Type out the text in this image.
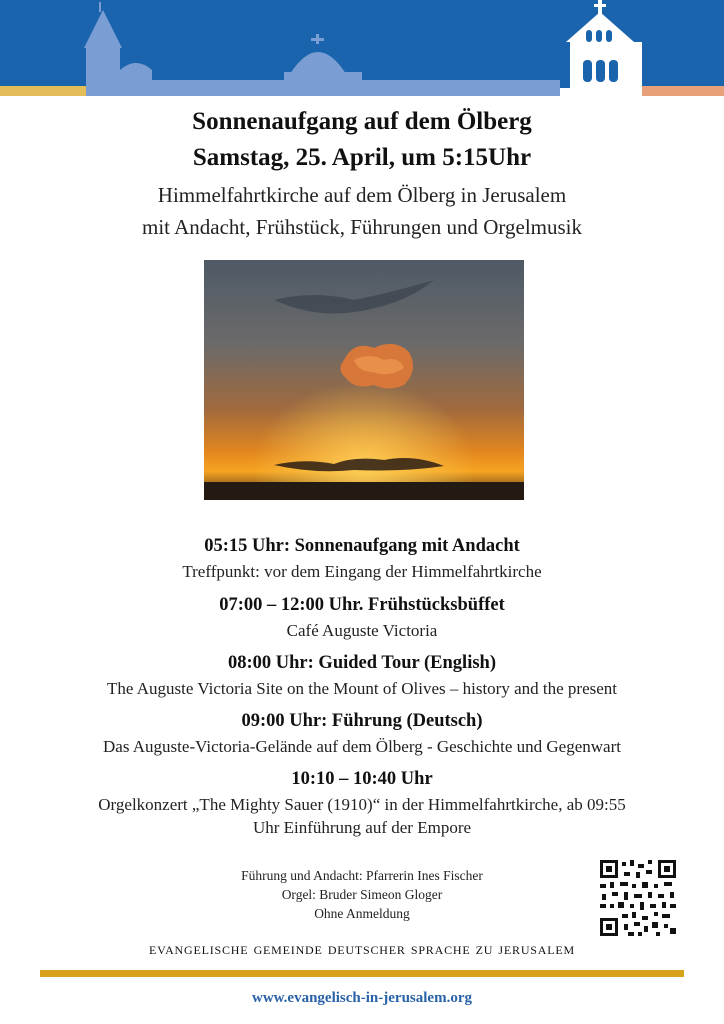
Sonnenaufgang auf dem Ölberg
Samstag, 25. April, um 5:15Uhr
Himmelfahrtkirche auf dem Ölberg in Jerusalem
mit Andacht, Frühstück, Führungen und Orgelmusik
05:15 Uhr: Sonnenaufgang mit Andacht
Treffpunkt: vor dem Eingang der Himmelfahrtkirche
07:00 – 12:00 Uhr. Frühstücksbüffet
Café Auguste Victoria
08:00 Uhr: Guided Tour (English)
The Auguste Victoria Site on the Mount of Olives – history and the present
09:00 Uhr: Führung (Deutsch)
Das Auguste-Victoria-Gelände auf dem Ölberg - Geschichte und Gegenwart
10:10 – 10:40 Uhr
Orgelkonzert „The Mighty Sauer (1910)“ in der Himmelfahrtkirche, ab 09:55
Uhr Einführung auf der Empore
Führung und Andacht: Pfarrerin Ines Fischer
Orgel: Bruder Simeon Gloger
Ohne Anmeldung
evangelische gemeinde deutscher sprache zu jerusalem
www.evangelisch-in-jerusalem.org
